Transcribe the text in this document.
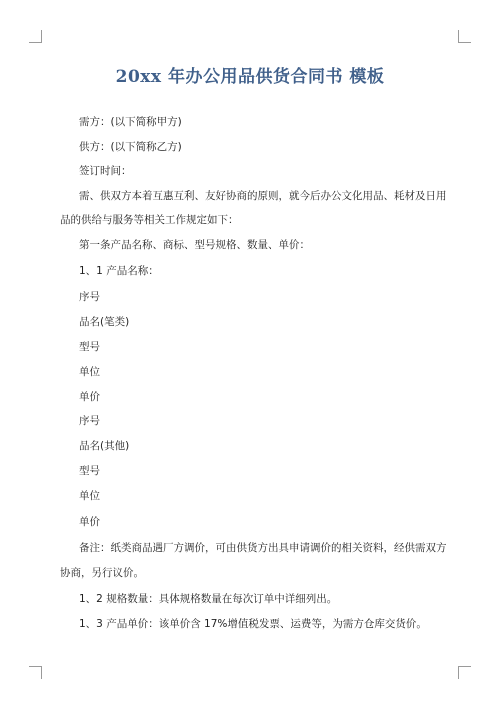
20xx 年办公用品供货合同书 模板
需方：(以下简称甲方)
供方：(以下简称乙方)
签订时间：
需、供双方本着互惠互利、友好协商的原则，就今后办公文化用品、耗材及日用
品的供给与服务等相关工作规定如下：
第一条产品名称、商标、型号规格、数量、单价：
1、1 产品名称：
序号
品名(笔类)
型号
单位
单价
序号
品名(其他)
型号
单位
单价
备注：纸类商品遇厂方调价，可由供货方出具申请调价的相关资料，经供需双方
协商，另行议价。
1、2 规格数量：具体规格数量在每次订单中详细列出。
1、3 产品单价：该单价含 17%增值税发票、运费等，为需方仓库交货价。
